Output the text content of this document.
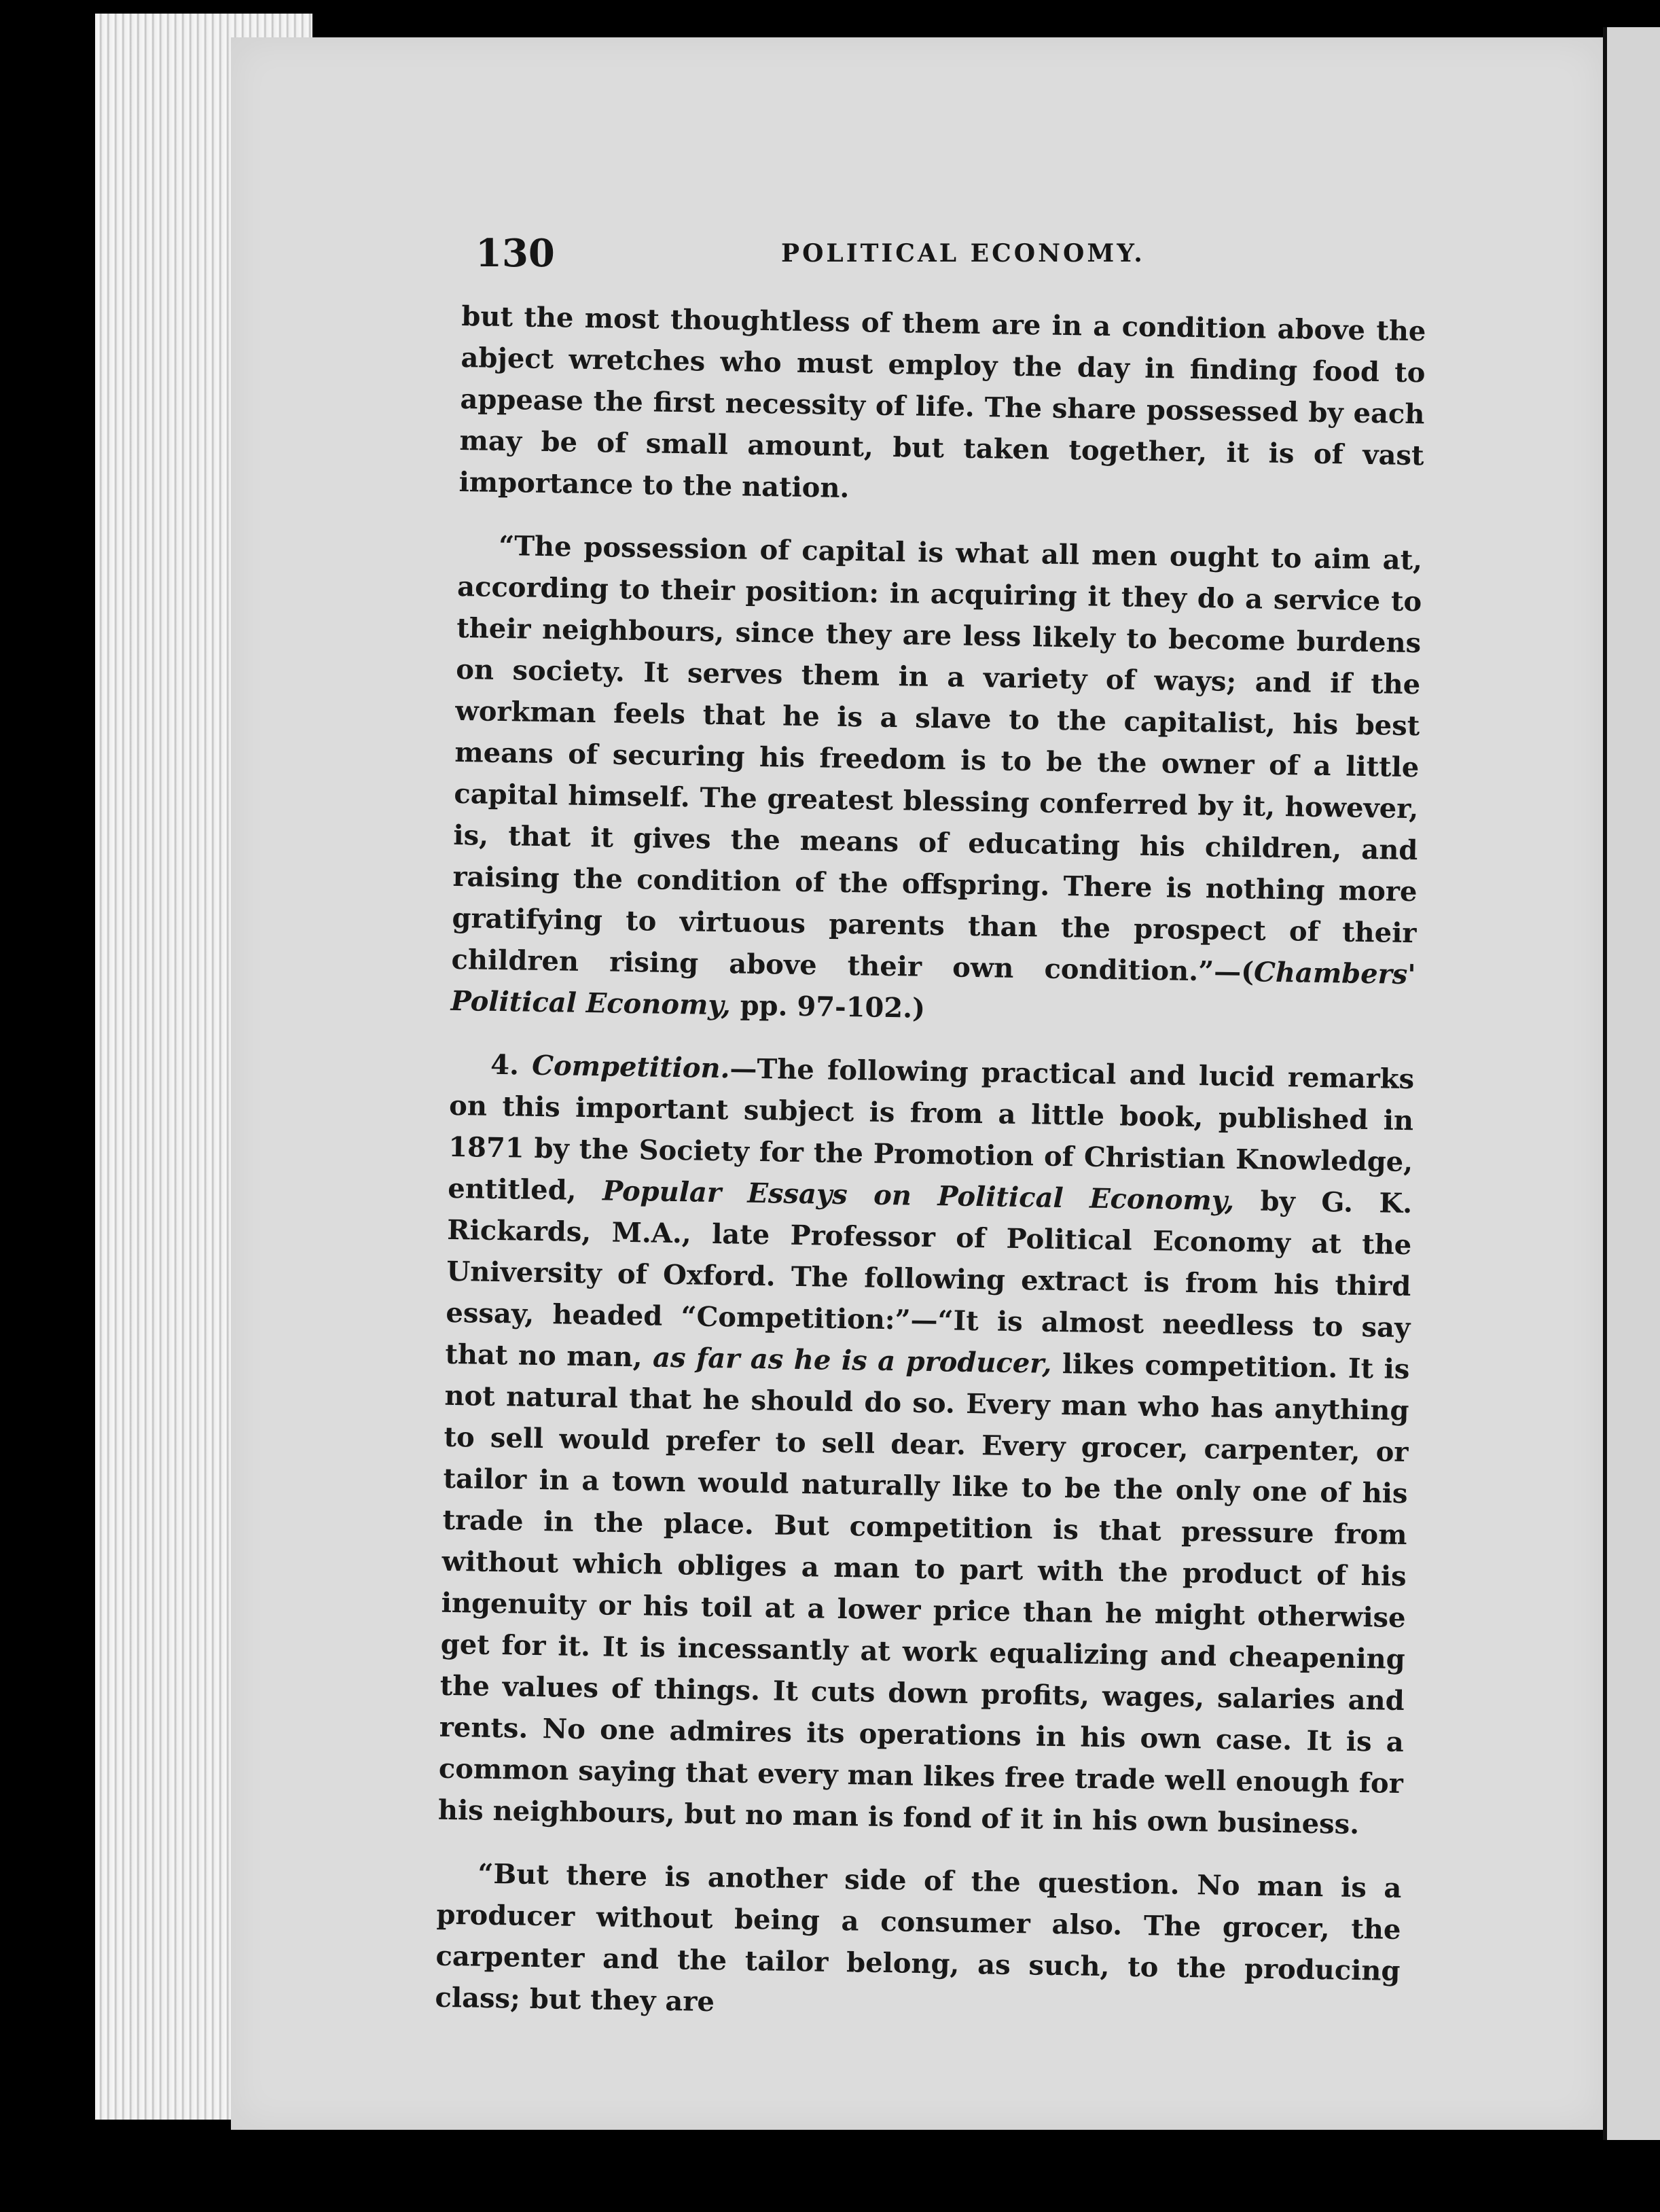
130	POLITICAL ECONOMY.

but the most thoughtless of them are in a condition above the abject wretches who must employ the day in finding food to appease the first necessity of life. The share possessed by each may be of small amount, but taken together, it is of vast importance to the nation.

“The possession of capital is what all men ought to aim at, according to their position: in acquiring it they do a service to their neighbours, since they are less likely to become burdens on society. It serves them in a variety of ways; and if the workman feels that he is a slave to the capitalist, his best means of securing his freedom is to be the owner of a little capital himself. The greatest blessing conferred by it, however, is, that it gives the means of educating his children, and raising the condition of the offspring. There is nothing more gratifying to virtuous parents than the prospect of their children rising above their own condition.”—(Chambers' Political Economy, pp. 97-102.)

4. Competition.—The following practical and lucid remarks on this important subject is from a little book, published in 1871 by the Society for the Promotion of Christian Knowledge, entitled, Popular Essays on Political Economy, by G. K. Rickards, M.A., late Professor of Political Economy at the University of Oxford. The following extract is from his third essay, headed “Competition:”—“It is almost needless to say that no man, as far as he is a producer, likes competition. It is not natural that he should do so. Every man who has anything to sell would prefer to sell dear. Every grocer, carpenter, or tailor in a town would naturally like to be the only one of his trade in the place. But competition is that pressure from without which obliges a man to part with the product of his ingenuity or his toil at a lower price than he might otherwise get for it. It is incessantly at work equalizing and cheapening the values of things. It cuts down profits, wages, salaries and rents. No one admires its operations in his own case. It is a common saying that every man likes free trade well enough for his neighbours, but no man is fond of it in his own business.

“But there is another side of the question. No man is a producer without being a consumer also. The grocer, the carpenter and the tailor belong, as such, to the producing class; but they are
